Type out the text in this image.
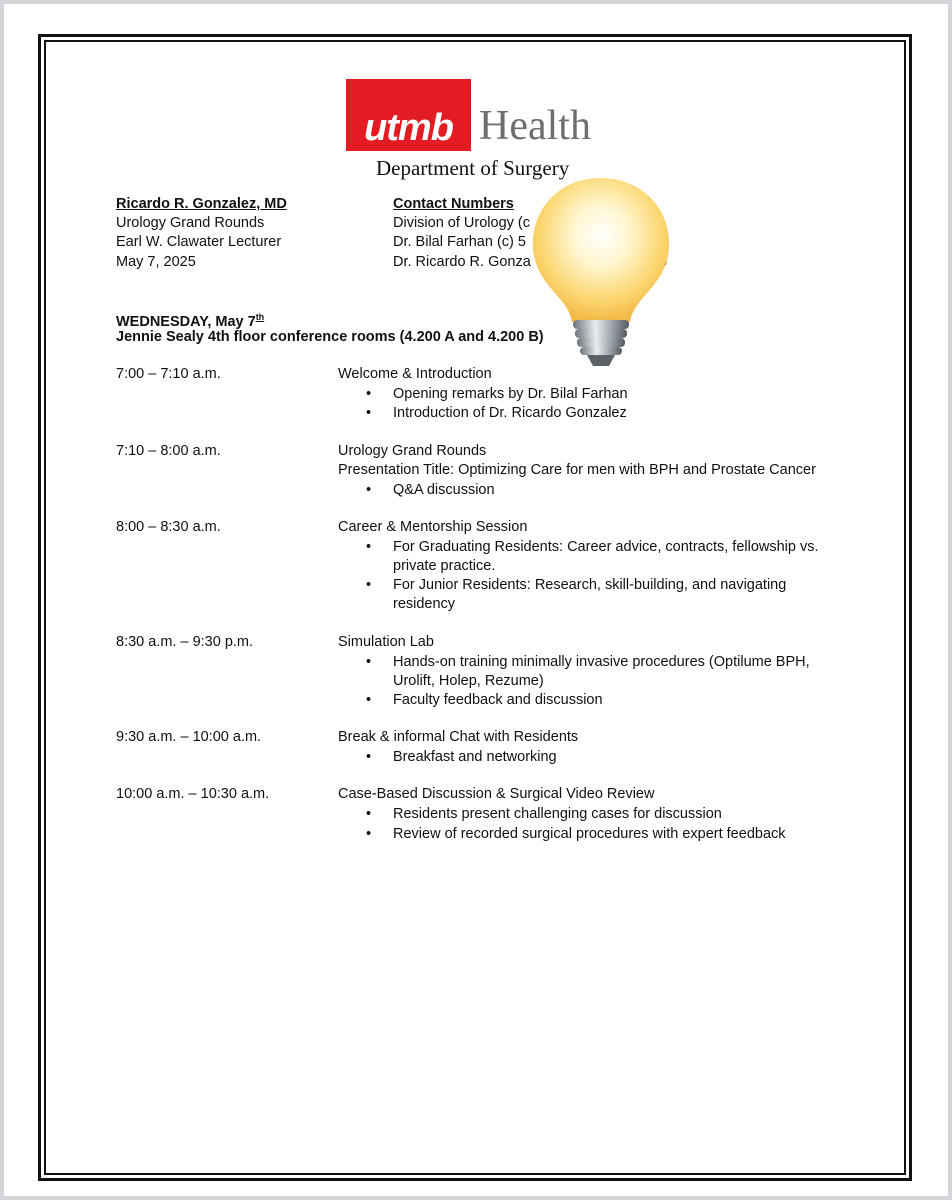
utmb Health
Department of Surgery
Ricardo R. Gonzalez, MD
Urology Grand Rounds
Earl W. Clawater Lecturer
May 7, 2025
Contact Numbers
Division of Urology (c
Dr. Bilal Farhan (c) 5
Dr. Ricardo R. Gonza
WEDNESDAY, May 7th
Jennie Sealy 4th floor conference rooms (4.200 A and 4.200 B)
7:00 – 7:10 a.m.	Welcome & Introduction
• Opening remarks by Dr. Bilal Farhan
• Introduction of Dr. Ricardo Gonzalez
7:10 – 8:00 a.m.	Urology Grand Rounds
Presentation Title: Optimizing Care for men with BPH and Prostate Cancer
• Q&A discussion
8:00 – 8:30 a.m.	Career & Mentorship Session
• For Graduating Residents: Career advice, contracts, fellowship vs.
private practice.
• For Junior Residents: Research, skill-building, and navigating
residency
8:30 a.m. – 9:30 p.m.	Simulation Lab
• Hands-on training minimally invasive procedures (Optilume BPH,
Urolift, Holep, Rezume)
• Faculty feedback and discussion
9:30 a.m. – 10:00 a.m.	Break & informal Chat with Residents
• Breakfast and networking
10:00 a.m. – 10:30 a.m.	Case-Based Discussion & Surgical Video Review
• Residents present challenging cases for discussion
• Review of recorded surgical procedures with expert feedback
